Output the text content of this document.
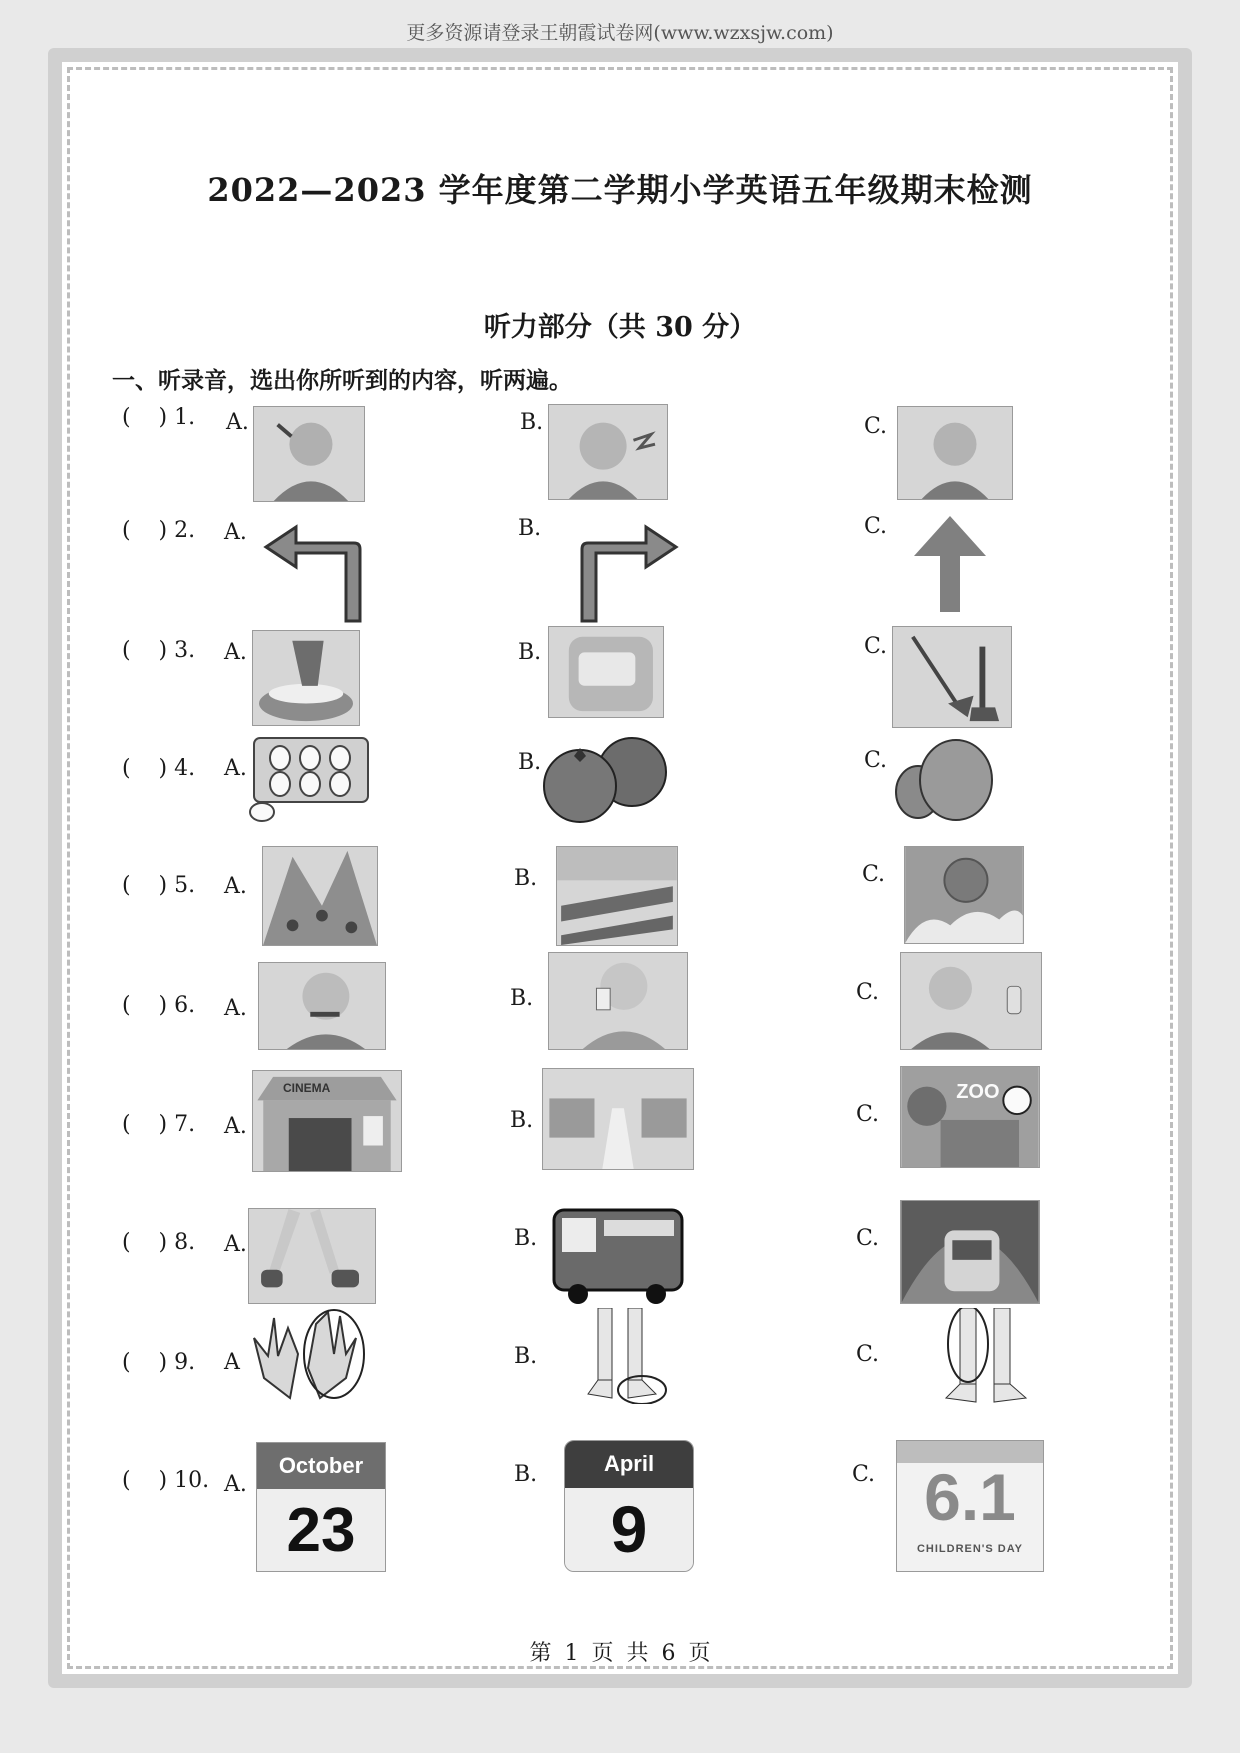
更多资源请登录王朝霞试卷网(www.wzxsjw.com)
2022—2023 学年度第二学期小学英语五年级期末检测
听力部分（共 30 分）
一、听录音，选出你所听到的内容，听两遍。
(    ) 1. A.	B.	C.
(    ) 2. A.	B.	C.
(    ) 3. A.	B.	C.
(    ) 4. A.	B.	C.
(    ) 5. A.	B.	C.
(    ) 6. A.	B.	C.
(    ) 7. A.
CINEMA
B.	C.
ZOO
(    ) 8. A.	B.	C.
(    ) 9. A	B.	C.
(    ) 10. A.
October
23
B.	April
9
C. 6.1
CHILDREN'S DAY
第 1 页 共 6 页
